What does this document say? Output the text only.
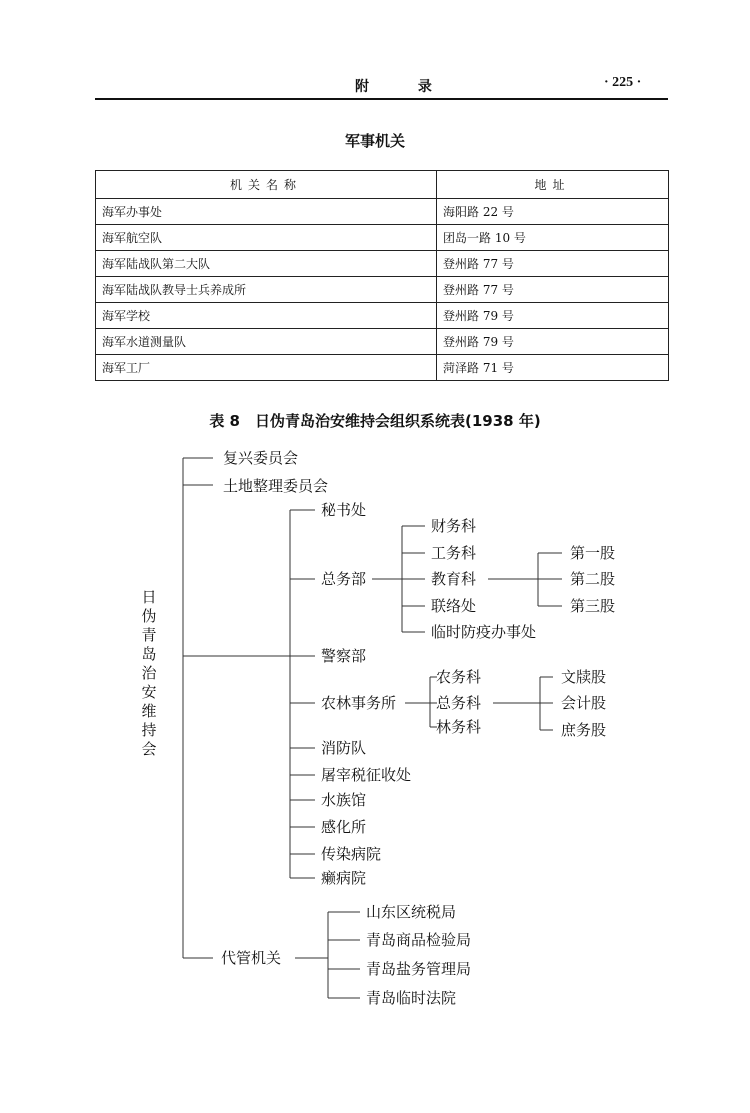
附 录	· 225 ·
军事机关
机关名称	地址
海军办事处	海阳路 22 号
海军航空队	团岛一路 10 号
海军陆战队第二大队	登州路 77 号
海军陆战队教导士兵养成所	登州路 77 号
海军学校	登州路 79 号
海军水道测量队	登州路 79 号
海军工厂	菏泽路 71 号
表 8　日伪青岛治安维持会组织系统表(1938 年)
日伪青岛治安维持会
复兴委员会
土地整理委员会
代管机关
秘书处
总务部
警察部
农林事务所
消防队
屠宰税征收处
水族馆
感化所
传染病院
癞病院
财务科
工务科
教育科
联络处
临时防疫办事处
第一股
第二股
第三股
农务科
总务科
林务科
文牍股
会计股
庶务股
山东区统税局
青岛商品检验局
青岛盐务管理局
青岛临时法院
